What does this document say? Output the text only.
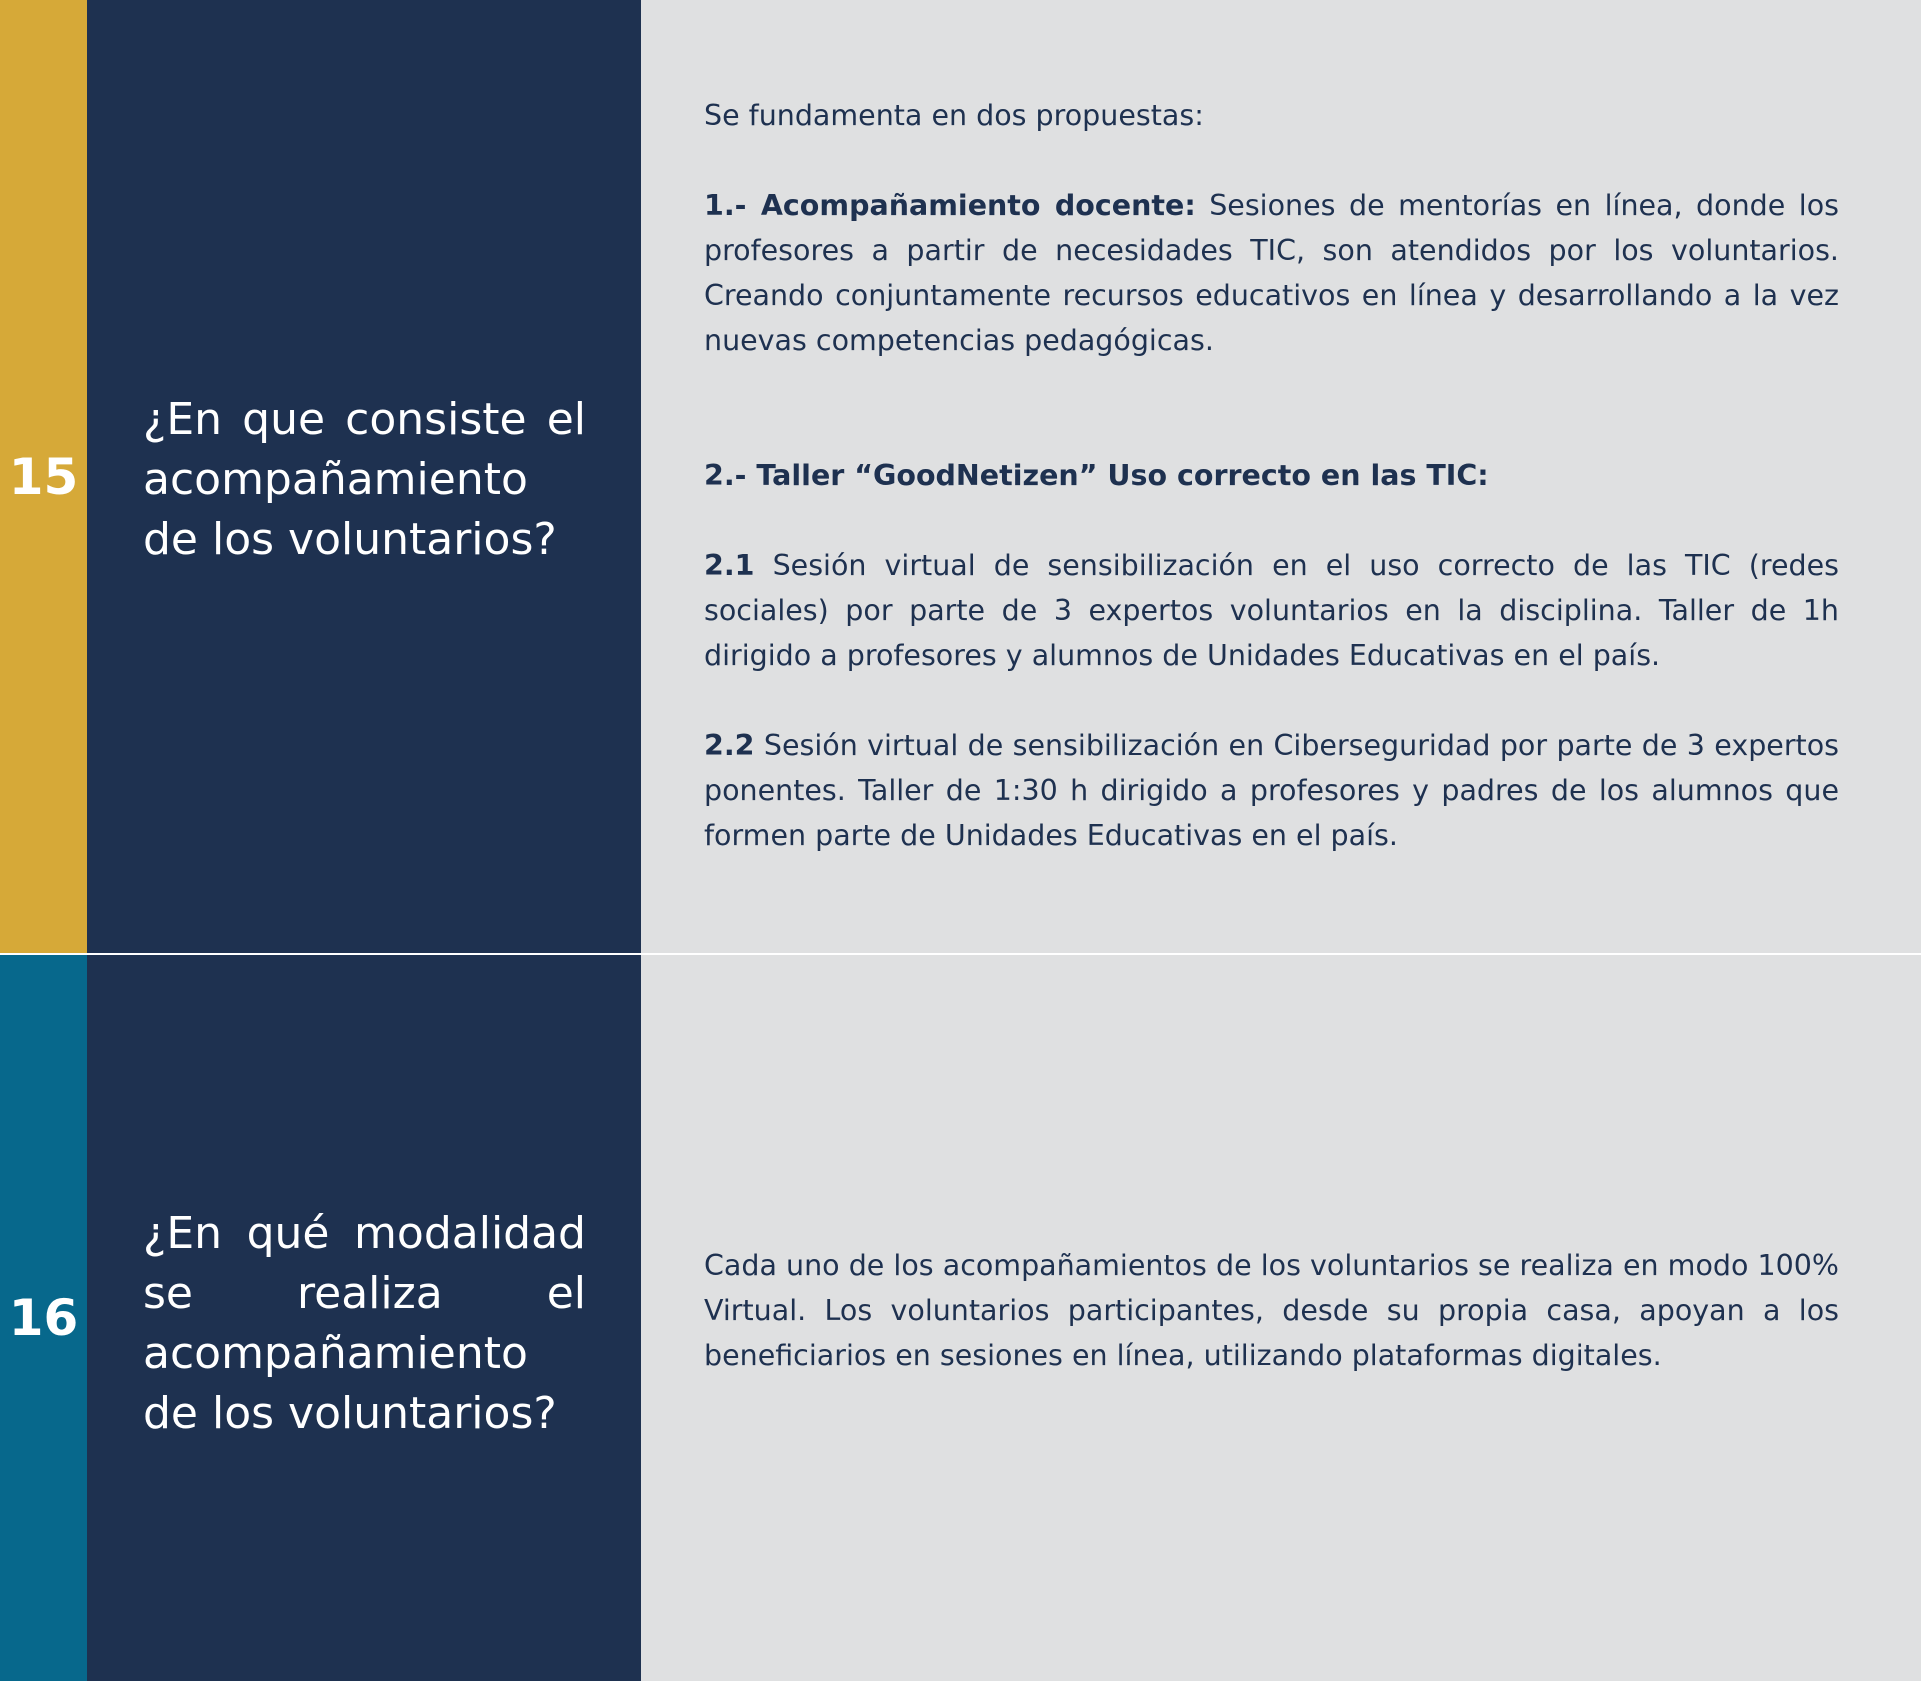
15
¿En que consiste el acompañamiento de los voluntarios?

Se fundamenta en dos propuestas:

1.- Acompañamiento docente: Sesiones de mentorías en línea, donde los profesores a partir de necesidades TIC, son atendidos por los voluntarios. Creando conjuntamente recursos educativos en línea y desarrollando a la vez nuevas competencias pedagógicas.

2.- Taller “GoodNetizen” Uso correcto en las TIC:

2.1 Sesión virtual de sensibilización en el uso correcto de las TIC (redes sociales) por parte de 3 expertos voluntarios en la disciplina. Taller de 1h dirigido a profesores y alumnos de Unidades Educativas en el país.

2.2 Sesión virtual de sensibilización en Ciberseguridad por parte de 3 expertos ponentes. Taller de 1:30 h dirigido a profesores y padres de los alumnos que formen parte de Unidades Educativas en el país.

16
¿En qué modalidad se realiza el acompañamiento de los voluntarios?

Cada uno de los acompañamientos de los voluntarios se realiza en modo 100% Virtual. Los voluntarios participantes, desde su propia casa, apoyan a los beneficiarios en sesiones en línea, utilizando plataformas digitales.
